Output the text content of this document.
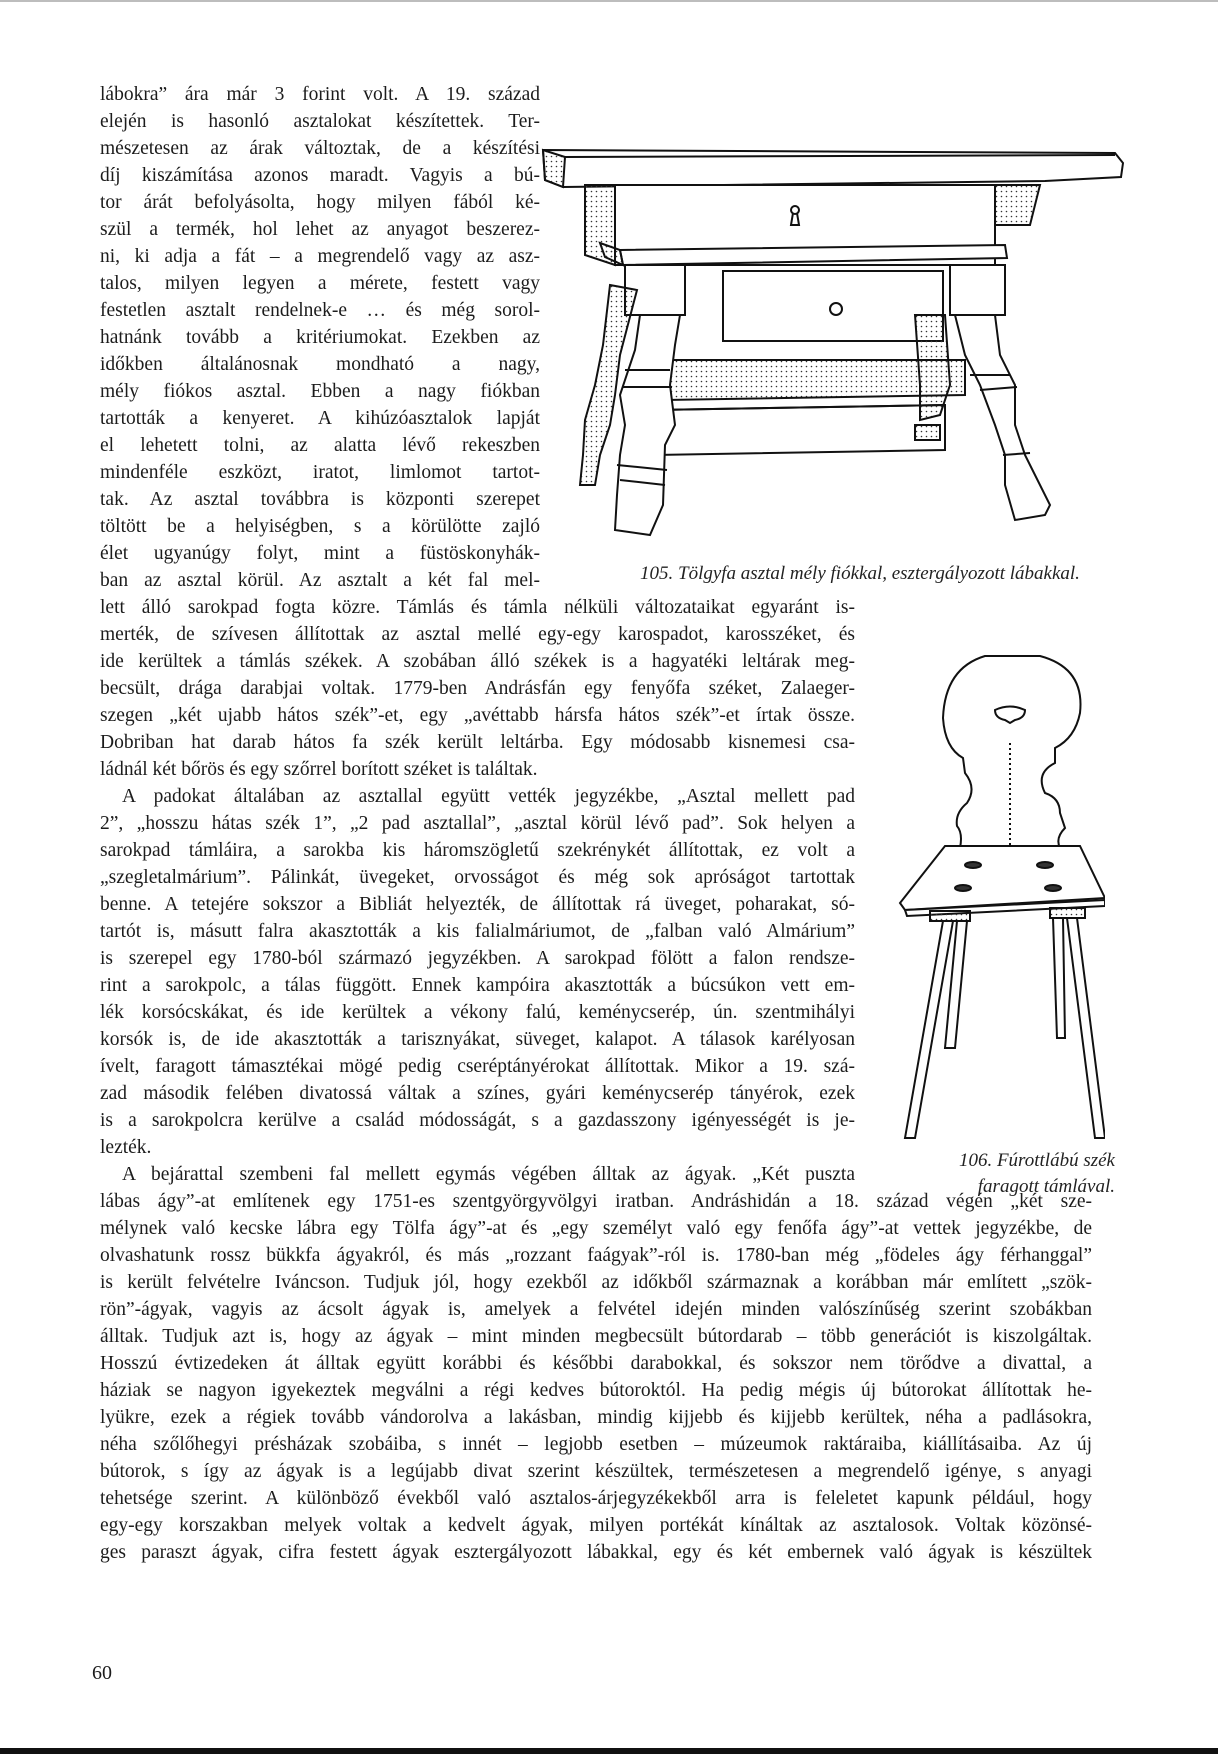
lábokra” ára már 3 forint volt. A 19. század
elején is hasonló asztalokat készítettek. Ter-
mészetesen az árak változtak, de a készítési
díj kiszámítása azonos maradt. Vagyis a bú-
tor árát befolyásolta, hogy milyen fából ké-
szül a termék, hol lehet az anyagot beszerez-
ni, ki adja a fát – a megrendelő vagy az asz-
talos, milyen legyen a mérete, festett vagy
festetlen asztalt rendelnek-e … és még sorol-
hatnánk tovább a kritériumokat. Ezekben az
időkben általánosnak mondható a nagy,
mély fiókos asztal. Ebben a nagy fiókban
tartották a kenyeret. A kihúzóasztalok lapját
el lehetett tolni, az alatta lévő rekeszben
mindenféle eszközt, iratot, limlomot tartot-
tak. Az asztal továbbra is központi szerepet
töltött be a helyiségben, s a körülötte zajló
élet ugyanúgy folyt, mint a füstöskonyhák-
ban az asztal körül. Az asztalt a két fal mel-
lett álló sarokpad fogta közre. Támlás és támla nélküli változataikat egyaránt is-
merték, de szívesen állítottak az asztal mellé egy-egy karospadot, karosszéket, és
ide kerültek a támlás székek. A szobában álló székek is a hagyatéki leltárak meg-
becsült, drága darabjai voltak. 1779-ben Andrásfán egy fenyőfa széket, Zalaeger-
szegen „két ujabb hátos szék”-et, egy „avéttabb hársfa hátos szék”-et írtak össze.
Dobriban hat darab hátos fa szék került leltárba. Egy módosabb kisnemesi csa-
ládnál két bőrös és egy szőrrel borított széket is találtak.
A padokat általában az asztallal együtt vették jegyzékbe, „Asztal mellett pad
2”, „hosszu hátas szék 1”, „2 pad asztallal”, „asztal körül lévő pad”. Sok helyen a
sarokpad támláira, a sarokba kis háromszögletű szekrénykét állítottak, ez volt a
„szegletalmárium”. Pálinkát, üvegeket, orvosságot és még sok apróságot tartottak
benne. A tetejére sokszor a Bibliát helyezték, de állítottak rá üveget, poharakat, só-
tartót is, másutt falra akasztották a kis falialmáriumot, de „falban való Almárium”
is szerepel egy 1780-ból származó jegyzékben. A sarokpad fölött a falon rendsze-
rint a sarokpolc, a tálas függött. Ennek kampóira akasztották a búcsúkon vett em-
lék korsócskákat, és ide kerültek a vékony falú, keménycserép, ún. szentmihályi
korsók is, de ide akasztották a tarisznyákat, süveget, kalapot. A tálasok karélyosan
ívelt, faragott támasztékai mögé pedig cseréptányérokat állítottak. Mikor a 19. szá-
zad második felében divatossá váltak a színes, gyári keménycserép tányérok, ezek
is a sarokpolcra kerülve a család módosságát, s a gazdasszony igényességét is je-
lezték.
A bejárattal szembeni fal mellett egymás végében álltak az ágyak. „Két puszta
lábas ágy”-at említenek egy 1751-es szentgyörgyvölgyi iratban. Andráshidán a 18. század végén „két sze-
mélynek való kecske lábra egy Tölfa ágy”-at és „egy személyt való egy fenőfa ágy”-at vettek jegyzékbe, de
olvashatunk rossz bükkfa ágyakról, és más „rozzant faágyak”-ról is. 1780-ban még „födeles ágy férhanggal”
is került felvételre Iváncson. Tudjuk jól, hogy ezekből az időkből származnak a korábban már említett „szök-
rön”-ágyak, vagyis az ácsolt ágyak is, amelyek a felvétel idején minden valószínűség szerint szobákban
álltak. Tudjuk azt is, hogy az ágyak – mint minden megbecsült bútordarab – több generációt is kiszolgáltak.
Hosszú évtizedeken át álltak együtt korábbi és későbbi darabokkal, és sokszor nem törődve a divattal, a
háziak se nagyon igyekeztek megválni a régi kedves bútoroktól. Ha pedig mégis új bútorokat állítottak he-
lyükre, ezek a régiek tovább vándorolva a lakásban, mindig kijjebb és kijjebb kerültek, néha a padlásokra,
néha szőlőhegyi présházak szobáiba, s innét – legjobb esetben – múzeumok raktáraiba, kiállításaiba. Az új
bútorok, s így az ágyak is a legújabb divat szerint készültek, természetesen a megrendelő igénye, s anyagi
tehetsége szerint. A különböző évekből való asztalos-árjegyzékekből arra is feleletet kapunk például, hogy
egy-egy korszakban melyek voltak a kedvelt ágyak, milyen portékát kínáltak az asztalosok. Voltak közönsé-
ges paraszt ágyak, cifra festett ágyak esztergályozott lábakkal, egy és két embernek való ágyak is készültek
105. Tölgyfa asztal mély fiókkal, esztergályozott lábakkal.
106. Fúrottlábú szék
faragott támlával.
60
